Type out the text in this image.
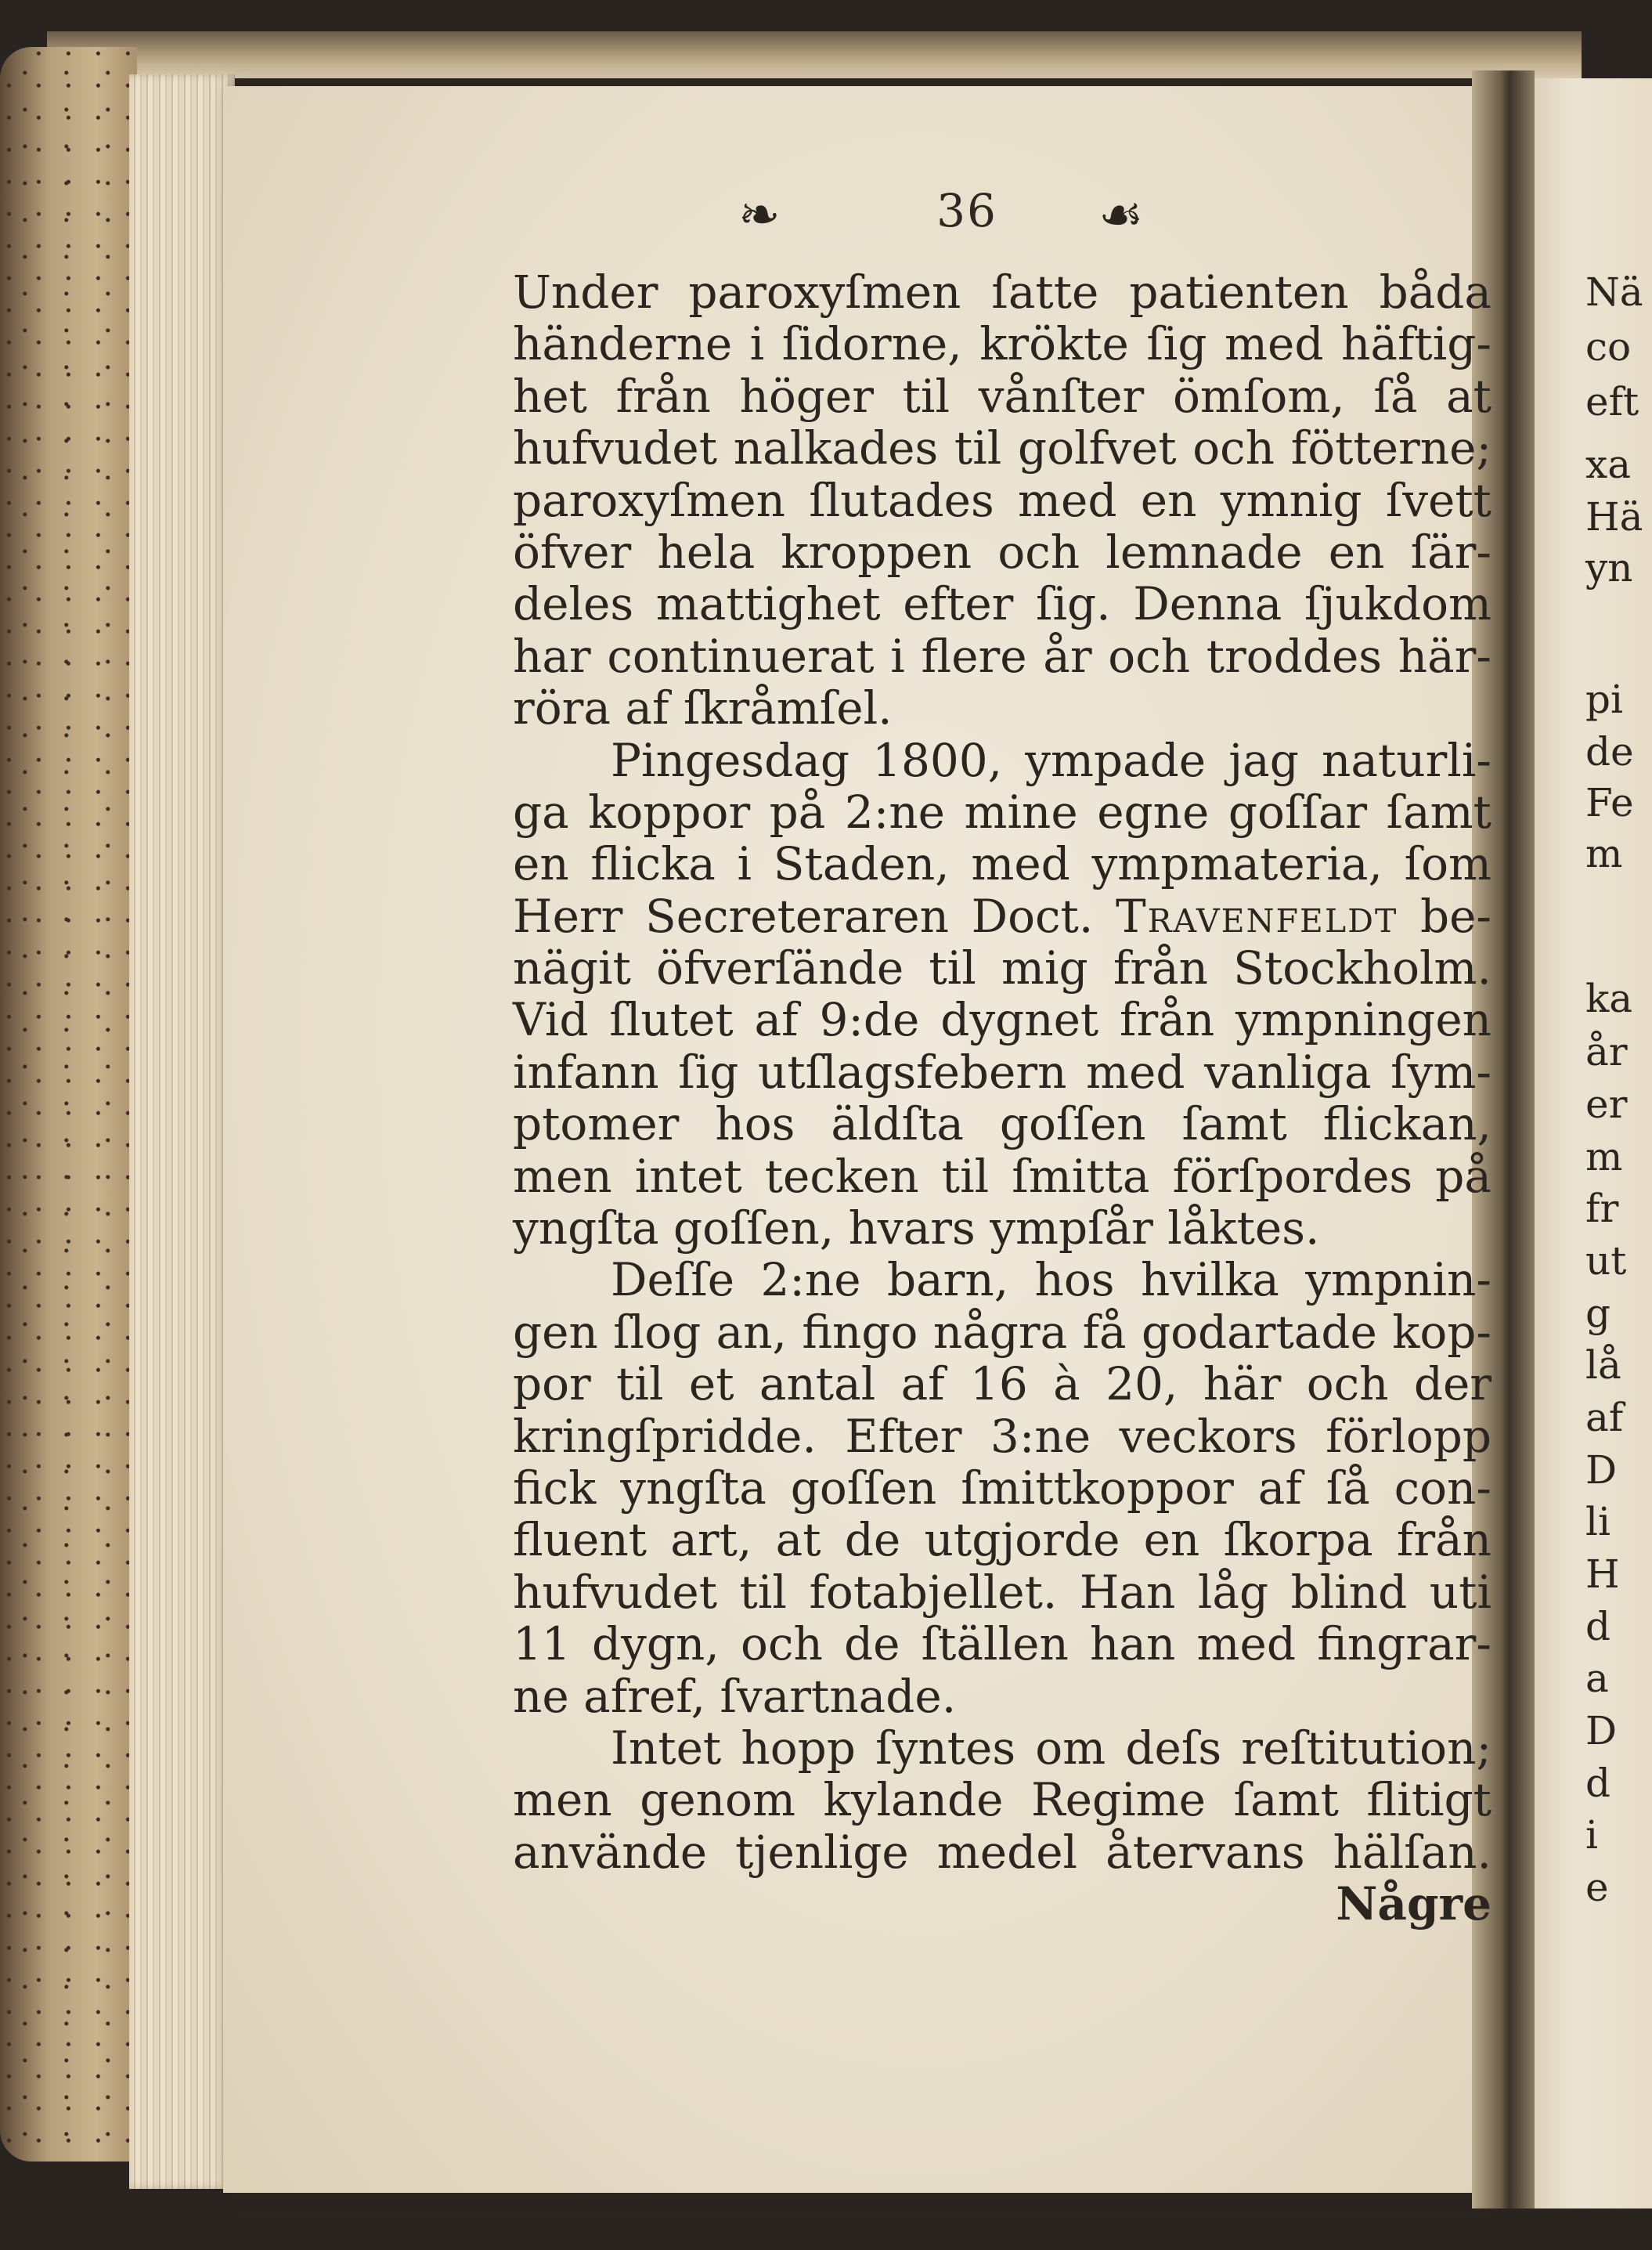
❧	36 ☙
Under paroxyſmen ſatte patienten båda
händerne i ſidorne, krökte ſig med häftig-
het från höger til vånſter ömſom, ſå at
hufvudet nalkades til golfvet och fötterne;
paroxyſmen ſlutades med en ymnig ſvett
öfver hela kroppen och lemnade en ſär-
deles mattighet efter ſig. Denna ſjukdom
har continuerat i flere år och troddes här-
röra af ſkråmſel.
Pingesdag 1800, ympade jag naturli-
ga koppor på 2:ne mine egne goſſar ſamt
en flicka i Staden, med ympmateria, ſom
Herr Secreteraren Doct. Travenfeldt be-
nägit öfverſände til mig från Stockholm.
Vid ſlutet af 9:de dygnet från ympningen
infann ſig utſlagsfebern med vanliga ſym-
ptomer hos äldſta goſſen ſamt flickan,
men intet tecken til ſmitta förſpordes på
yngſta goſſen, hvars ympſår låktes.
Deſſe 2:ne barn, hos hvilka ympnin-
gen ſlog an, fingo några få godartade kop-
por til et antal af 16 à 20, här och der
kringſpridde. Efter 3:ne veckors förlopp
fick yngſta goſſen ſmittkoppor af ſå con-
fluent art, at de utgjorde en ſkorpa från
hufvudet til fotabjellet. Han låg blind uti
11 dygn, och de ſtällen han med fingrar-
ne afref, ſvartnade.
Intet hopp ſyntes om deſs reſtitution;
men genom kylande Regime ſamt flitigt
använde tjenlige medel återvans hälſan.
Någre
Nä
co
eft
xa
Hä
yn
pi
de
Fe
m
ka
år
er
m
fr
ut
g
lå
af
D
li
H
d
a
D
d
i
e
